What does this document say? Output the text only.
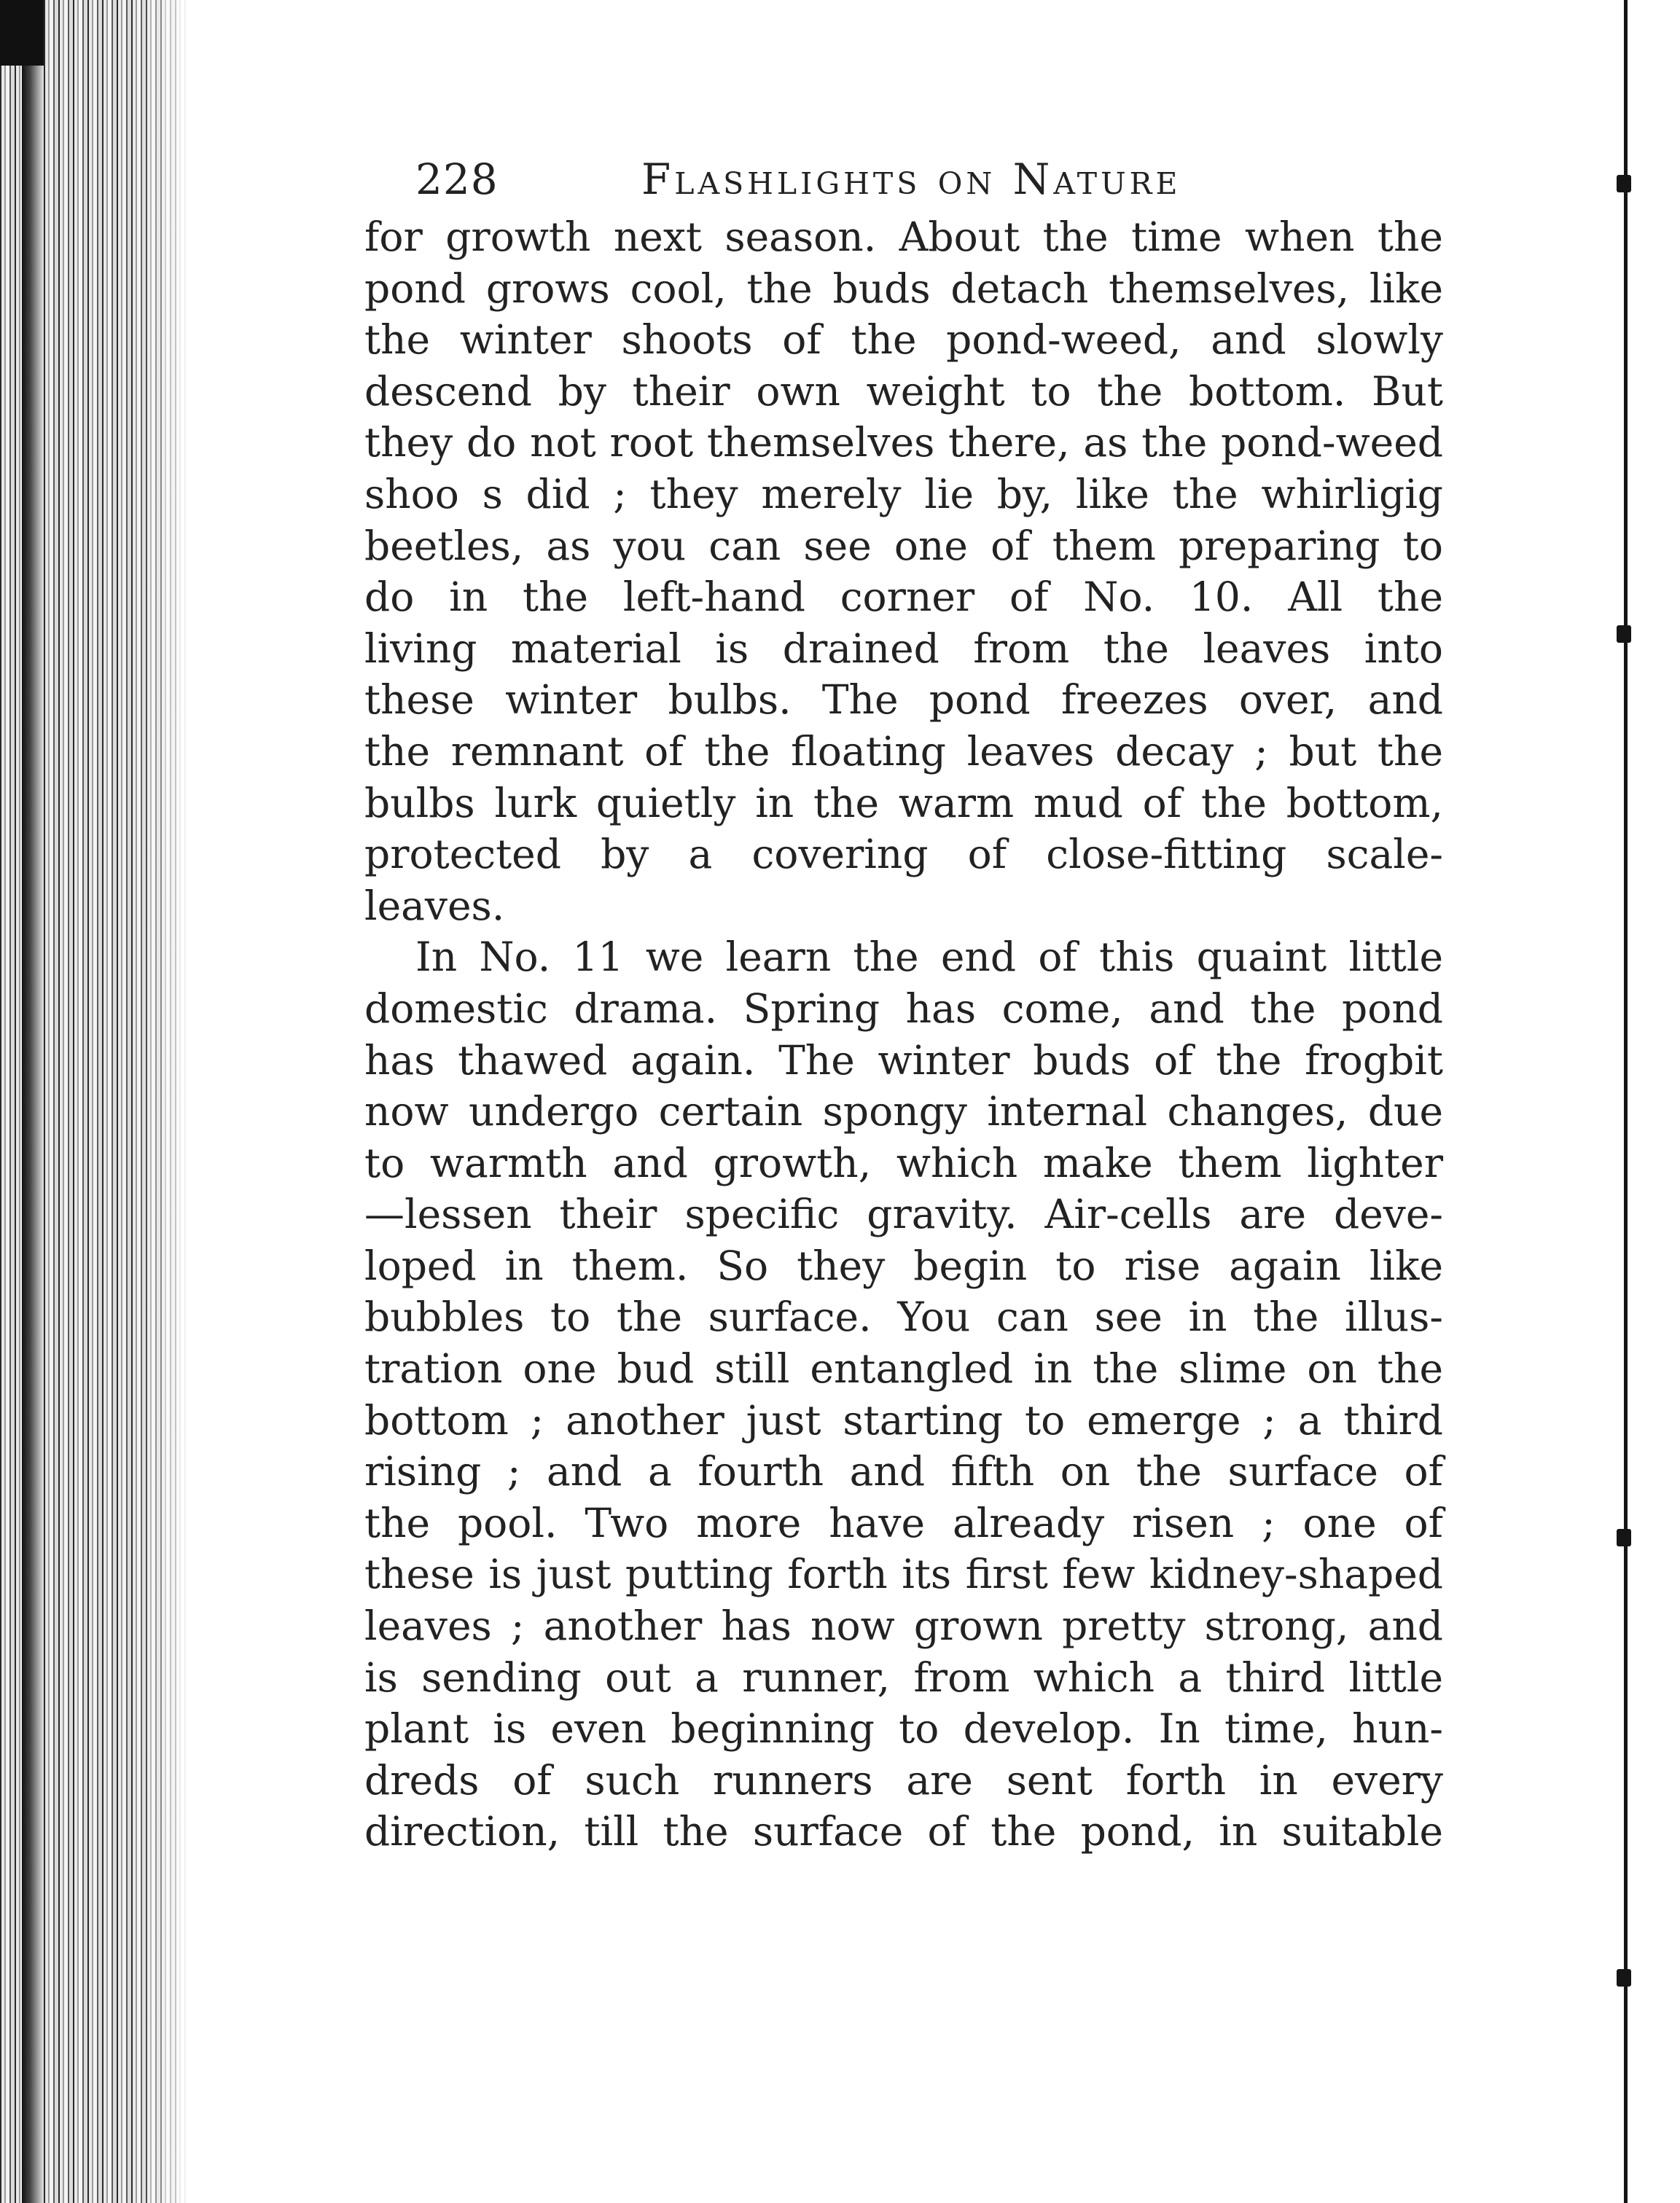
228	Flashlights on Nature

for growth next season. About the time when the
pond grows cool, the buds detach themselves, like
the winter shoots of the pond-weed, and slowly
descend by their own weight to the bottom. But
they do not root themselves there, as the pond-weed
shoo s did ; they merely lie by, like the whirligig
beetles, as you can see one of them preparing to
do in the left-hand corner of No. 10. All the
living material is drained from the leaves into
these winter bulbs. The pond freezes over, and
the remnant of the floating leaves decay ; but the
bulbs lurk quietly in the warm mud of the bottom,
protected by a covering of close-fitting scale-
leaves.

In No. 11 we learn the end of this quaint little
domestic drama. Spring has come, and the pond
has thawed again. The winter buds of the frogbit
now undergo certain spongy internal changes, due
to warmth and growth, which make them lighter
—lessen their specific gravity. Air-cells are deve-
loped in them. So they begin to rise again like
bubbles to the surface. You can see in the illus-
tration one bud still entangled in the slime on the
bottom ; another just starting to emerge ; a third
rising ; and a fourth and fifth on the surface of
the pool. Two more have already risen ; one of
these is just putting forth its first few kidney-shaped
leaves ; another has now grown pretty strong, and
is sending out a runner, from which a third little
plant is even beginning to develop. In time, hun-
dreds of such runners are sent forth in every
direction, till the surface of the pond, in suitable
